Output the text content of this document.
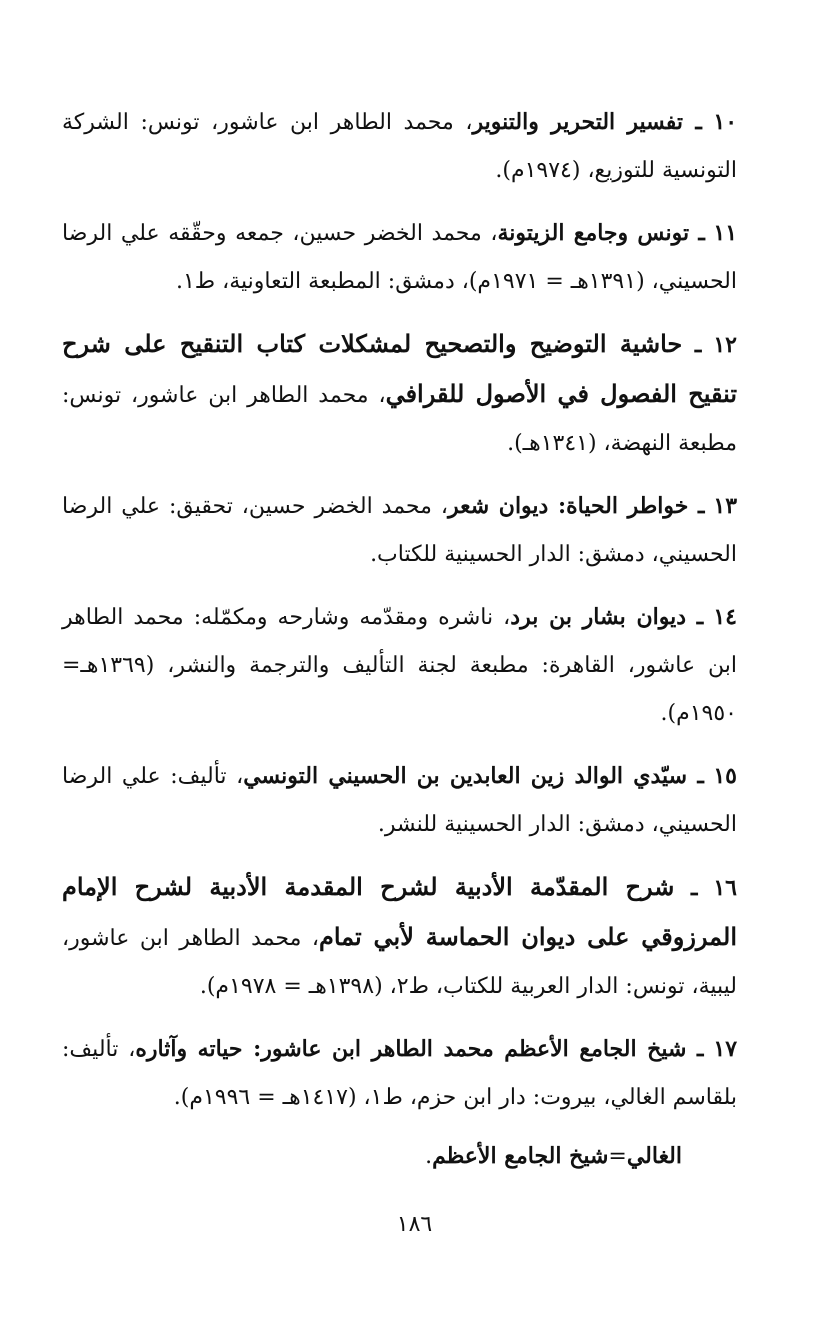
١٠ ـ تفسير التحرير والتنوير، محمد الطاهر ابن عاشور، تونس: الشركة التونسية للتوزيع، (١٩٧٤م).

١١ ـ تونس وجامع الزيتونة، محمد الخضر حسين، جمعه وحقّقه علي الرضا الحسيني، (١٣٩١هـ = ١٩٧١م)، دمشق: المطبعة التعاونية، ط١.

١٢ ـ حاشية التوضيح والتصحيح لمشكلات كتاب التنقيح على شرح تنقيح الفصول في الأصول للقرافي، محمد الطاهر ابن عاشور، تونس: مطبعة النهضة، (١٣٤١هـ).

١٣ ـ خواطر الحياة: ديوان شعر، محمد الخضر حسين، تحقيق: علي الرضا الحسيني، دمشق: الدار الحسينية للكتاب.

١٤ ـ ديوان بشار بن برد، ناشره ومقدّمه وشارحه ومكمّله: محمد الطاهر ابن عاشور، القاهرة: مطبعة لجنة التأليف والترجمة والنشر، (١٣٦٩هـ= ١٩٥٠م).

١٥ ـ سيّدي الوالد زين العابدين بن الحسيني التونسي، تأليف: علي الرضا الحسيني، دمشق: الدار الحسينية للنشر.

١٦ ـ شرح المقدّمة الأدبية لشرح المقدمة الأدبية لشرح الإمام المرزوقي على ديوان الحماسة لأبي تمام، محمد الطاهر ابن عاشور، ليبية، تونس: الدار العربية للكتاب، ط٢، (١٣٩٨هـ = ١٩٧٨م).

١٧ ـ شيخ الجامع الأعظم محمد الطاهر ابن عاشور: حياته وآثاره، تأليف: بلقاسم الغالي، بيروت: دار ابن حزم، ط١، (١٤١٧هـ = ١٩٩٦م).

الغالي=شيخ الجامع الأعظم.
١٨٦
